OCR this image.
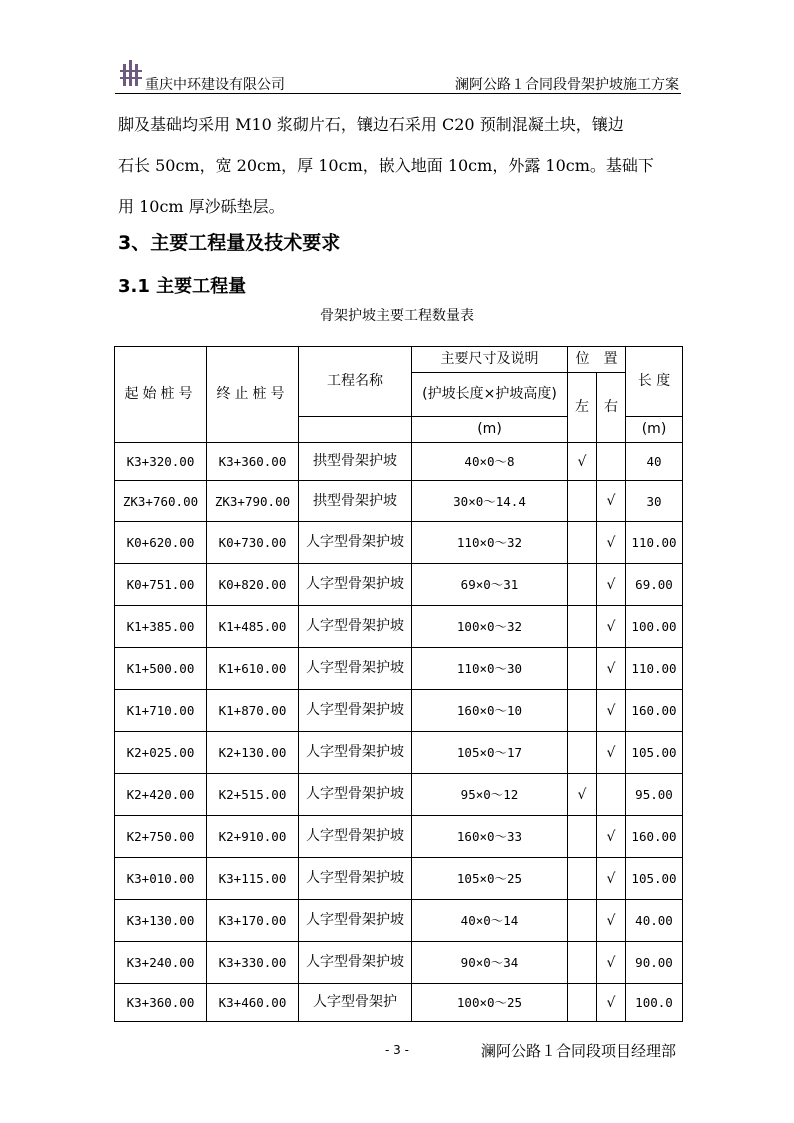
重庆中环建设有限公司	澜阿公路１合同段骨架护坡施工方案

脚及基础均采用 M10 浆砌片石，镶边石采用 C20 预制混凝土块，镶边

石长 50cm，宽 20cm，厚 10cm，嵌入地面 10cm，外露 10cm。基础下

用 10cm 厚沙砾垫层。

3、主要工程量及技术要求
3.1 主要工程量
骨架护坡主要工程数量表
起始桩号	终止桩号	工程名称	主要尺寸及说明	位　置		长 度
			(护坡长度×护坡高度)	左	右	
			(m)			(m)
K3+320.00	K3+360.00	拱型骨架护坡	40×0～8	√		40
ZK3+760.00	ZK3+790.00	拱型骨架护坡	30×0～14.4		√	30
K0+620.00	K0+730.00	人字型骨架护坡	110×0～32		√	110.00
K0+751.00	K0+820.00	人字型骨架护坡	69×0～31		√	69.00
K1+385.00	K1+485.00	人字型骨架护坡	100×0～32		√	100.00
K1+500.00	K1+610.00	人字型骨架护坡	110×0～30		√	110.00
K1+710.00	K1+870.00	人字型骨架护坡	160×0～10		√	160.00
K2+025.00	K2+130.00	人字型骨架护坡	105×0～17		√	105.00
K2+420.00	K2+515.00	人字型骨架护坡	95×0～12	√		95.00
K2+750.00	K2+910.00	人字型骨架护坡	160×0～33		√	160.00
K3+010.00	K3+115.00	人字型骨架护坡	105×0～25		√	105.00
K3+130.00	K3+170.00	人字型骨架护坡	40×0～14		√	40.00
K3+240.00	K3+330.00	人字型骨架护坡	90×0～34		√	90.00
K3+360.00	K3+460.00	人字型骨架护	100×0～25		√	100.0
- 3 -	澜阿公路１合同段项目经理部
